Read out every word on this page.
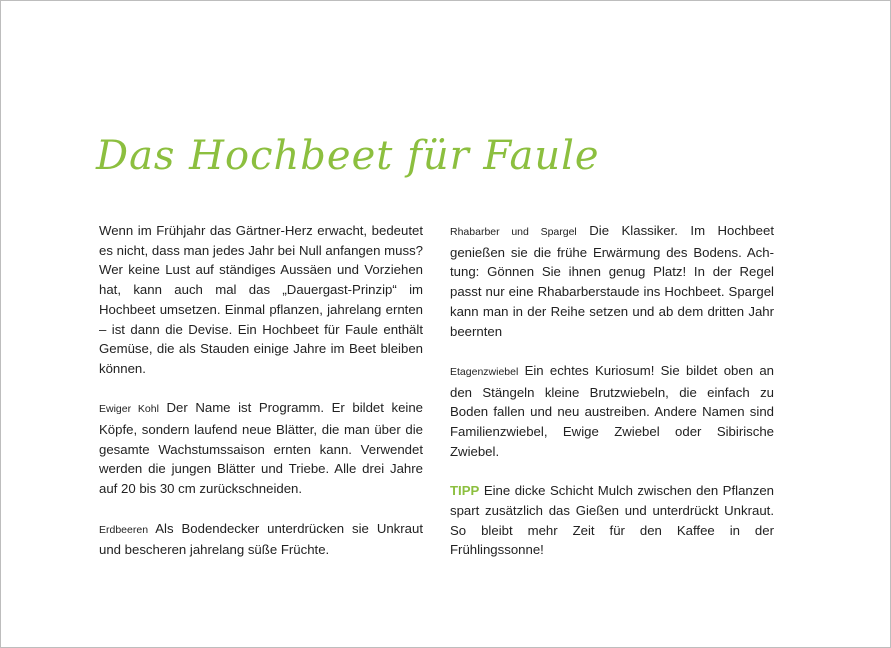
Das Hochbeet für Faule

Wenn im Frühjahr das Gärtner-Herz erwacht, bedeutet es nicht, dass man jedes Jahr bei Null anfangen muss? Wer keine Lust auf ständiges Aussäen und Vorziehen hat, kann auch mal das „Dauergast-Prinzip“ im Hochbeet umsetzen. Einmal pflanzen, jahrelang ernten – ist dann die Devise. Ein Hochbeet für Faule enthält Gemüse, die als Stauden einige Jahre im Beet bleiben können.

Ewiger Kohl Der Name ist Programm. Er bildet keine Köpfe, sondern laufend neue Blätter, die man über die gesamte Wachstumssaison ernten kann. Verwendet werden die jungen Blätter und Triebe. Alle drei Jahre auf 20 bis 30 cm zurückschneiden.

Erdbeeren Als Bodendecker unterdrücken sie Unkraut und bescheren jahrelang süße Früchte.

Rhabarber und Spargel Die Klassiker. Im Hochbeet genießen sie die frühe Erwärmung des Bodens. Achtung: Gönnen Sie ihnen genug Platz! In der Regel passt nur eine Rhabarberstaude ins Hochbeet. Spargel kann man in der Reihe setzen und ab dem dritten Jahr beernten

Etagenzwiebel Ein echtes Kuriosum! Sie bildet oben an den Stängeln kleine Brutzwiebeln, die einfach zu Boden fallen und neu austreiben. Andere Namen sind Familienzwiebel, Ewige Zwiebel oder Sibirische Zwiebel.

TIPP Eine dicke Schicht Mulch zwischen den Pflanzen spart zusätzlich das Gießen und unterdrückt Unkraut. So bleibt mehr Zeit für den Kaffee in der Frühlingssonne!
